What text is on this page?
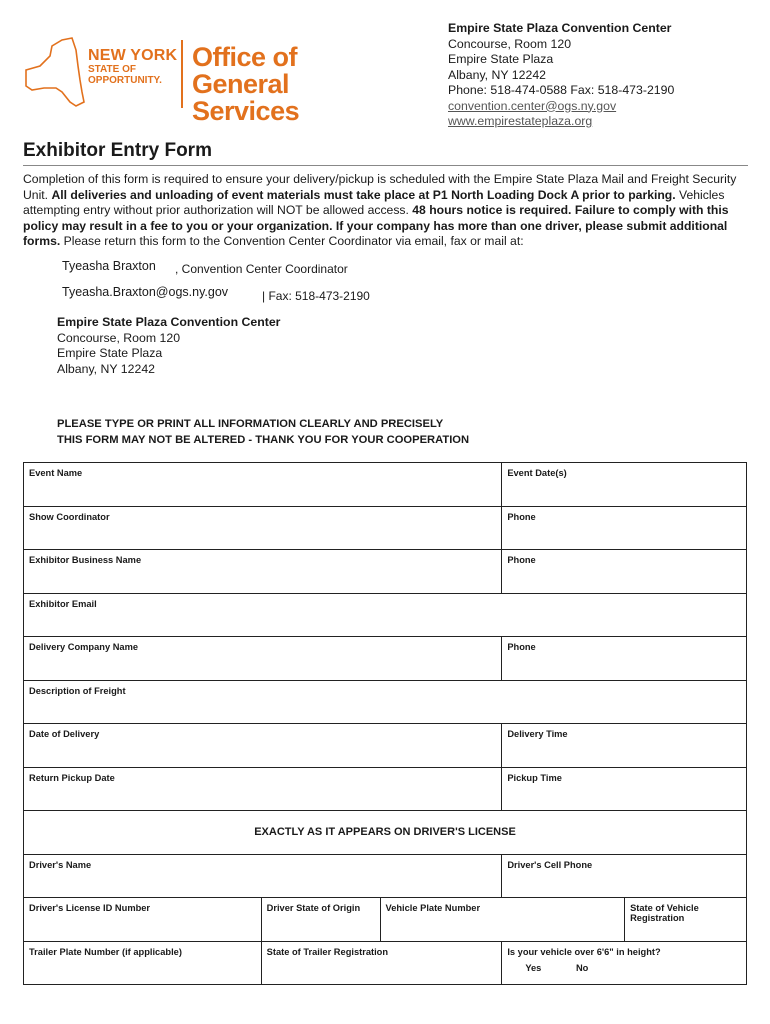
NEW YORK
STATE OF
OPPORTUNITY.
Office of
General Services
Empire State Plaza Convention Center
Concourse, Room 120
Empire State Plaza
Albany, NY 12242
Phone: 518-474-0588 Fax: 518-473-2190
convention.center@ogs.ny.gov
www.empirestateplaza.org
Exhibitor Entry Form
Completion of this form is required to ensure your delivery/pickup is scheduled with the Empire State Plaza Mail and Freight Security Unit. All deliveries and unloading of event materials must take place at P1 North Loading Dock A prior to parking. Vehicles attempting entry without prior authorization will NOT be allowed access. 48 hours notice is required. Failure to comply with this policy may result in a fee to you or your organization. If your company has more than one driver, please submit additional forms. Please return this form to the Convention Center Coordinator via email, fax or mail at:
Tyeasha Braxton , Convention Center Coordinator
Tyeasha.Braxton@ogs.ny.gov	| Fax: 518-473-2190
Empire State Plaza Convention Center
Concourse, Room 120
Empire State Plaza
Albany, NY 12242
PLEASE TYPE OR PRINT ALL INFORMATION CLEARLY AND PRECISELY
THIS FORM MAY NOT BE ALTERED - THANK YOU FOR YOUR COOPERATION
Event Name			Event Date(s)	
Show Coordinator			Phone	
Exhibitor Business Name			Phone	
Exhibitor Email				
Delivery Company Name			Phone	
Description of Freight				
Date of Delivery			Delivery Time	
Return Pickup Date			Pickup Time	
EXACTLY AS IT APPEARS ON DRIVER'S LICENSE				
Driver's Name			Driver's Cell Phone	
Driver's License ID Number	Driver State of Origin	Vehicle Plate Number		State of Vehicle Registration
Trailer Plate Number (if applicable)	State of Trailer Registration		Is your vehicle over 6'6" in height?
Yes No	
